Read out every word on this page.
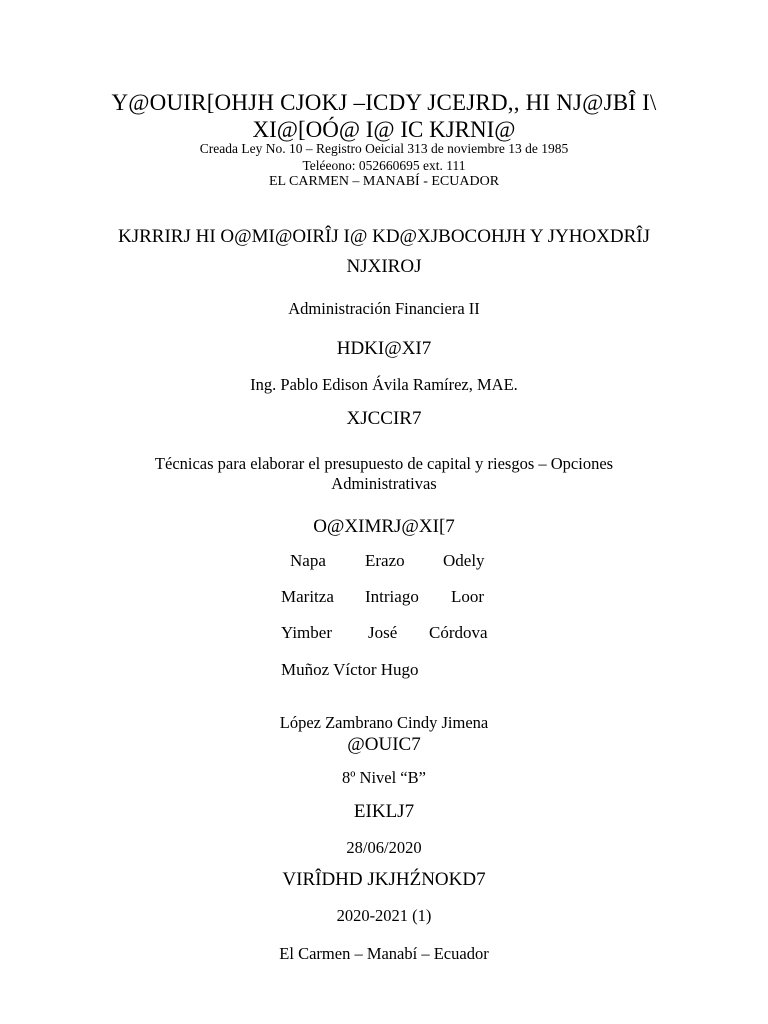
Y@OUIR[OHJH CJOKJ –ICDY JCEJRD,, HI NJ@JBÎ I\
XI@[OÓ@ I@ IC KJRNI@
Creada Ley No. 10 – Registro Oeicial 313 de noviembre 13 de 1985
Teléeono: 052660695 ext. 111
EL CARMEN – MANABÍ - ECUADOR
KJRRIRJ HI O@MI@OIRÎJ I@ KD@XJBOCOHJH Y JYHOXDRÎJ
NJXIROJ
Administración Financiera II
HDKI@XI7
Ing. Pablo Edison Ávila Ramírez, MAE.
XJCCIR7
Técnicas para elaborar el presupuesto de capital y riesgos – Opciones
Administrativas
O@XIMRJ@XI[7
Napa Erazo Odely
Maritza Intriago Loor
Yimber José Córdova
Muñoz Víctor Hugo
López Zambrano Cindy Jimena
@OUIC7
8º Nivel “B”
EIKLJ7
28/06/2020
VIRÎDHD JKJHŹNOKD7
2020-2021 (1)
El Carmen – Manabí – Ecuador
